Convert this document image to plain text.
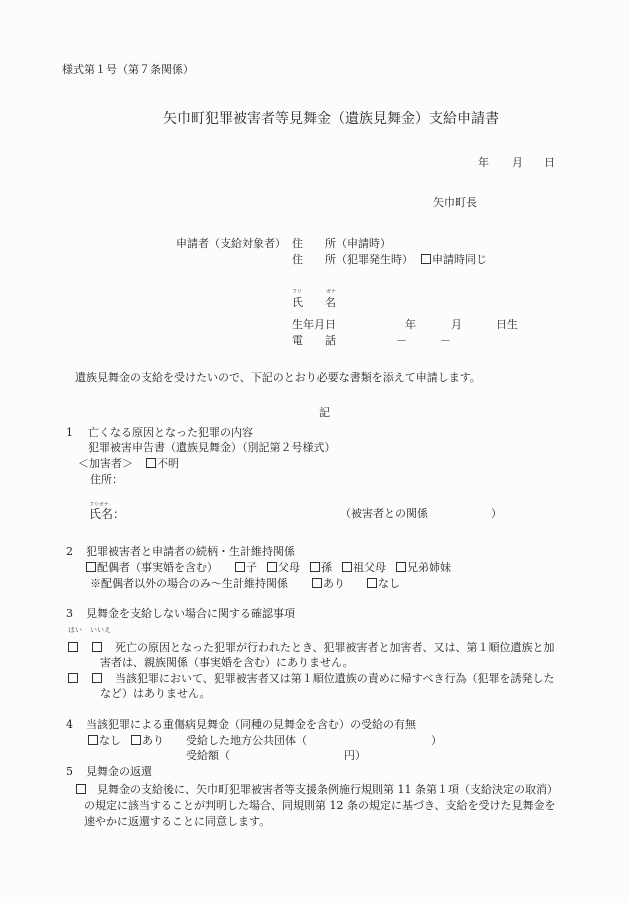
様式第１号（第７条関係）
矢巾町犯罪被害者等見舞金（遺族見舞金）支給申請書
年 月 日
矢巾町長
申請者（支給対象者） 住 所（申請時）
住 所（犯罪発生時）	申請時同じ
フリ	ガナ
氏 名
生年月日	年	月	日生
電 話	－	－
遺族見舞金の支給を受けたいので、下記のとおり必要な書類を添えて申請します。
記
1 亡くなる原因となった犯罪の内容
犯罪被害申告書（遺族見舞金）（別記第２号様式）
＜加害者＞	不明
住所：
フリガナ
氏名：	（被害者との関係	）
2 犯罪被害者と申請者の続柄・生計維持関係
配偶者（事実婚を含む）	子 父母 孫 祖父母 兄弟姉妹
※配偶者以外の場合のみ～生計維持関係	あり	なし
3 見舞金を支給しない場合に関する確認事項
はい いいえ
死亡の原因となった犯罪が行われたとき、犯罪被害者と加害者、又は、第１順位遺族と加
害者は、親族関係（事実婚を含む）にありません。
当該犯罪において、犯罪被害者又は第１順位遺族の責めに帰すべき行為（犯罪を誘発した
など）はありません。
4 当該犯罪による重傷病見舞金（同種の見舞金を含む）の受給の有無
なし	あり 受給した地方公共団体（	）
受給額（	円）
5 見舞金の返還
見舞金の支給後に、矢巾町犯罪被害者等支援条例施行規則第 11 条第１項（支給決定の取消）
の規定に該当することが判明した場合、同規則第 12 条の規定に基づき、支給を受けた見舞金を
速やかに返還することに同意します。
